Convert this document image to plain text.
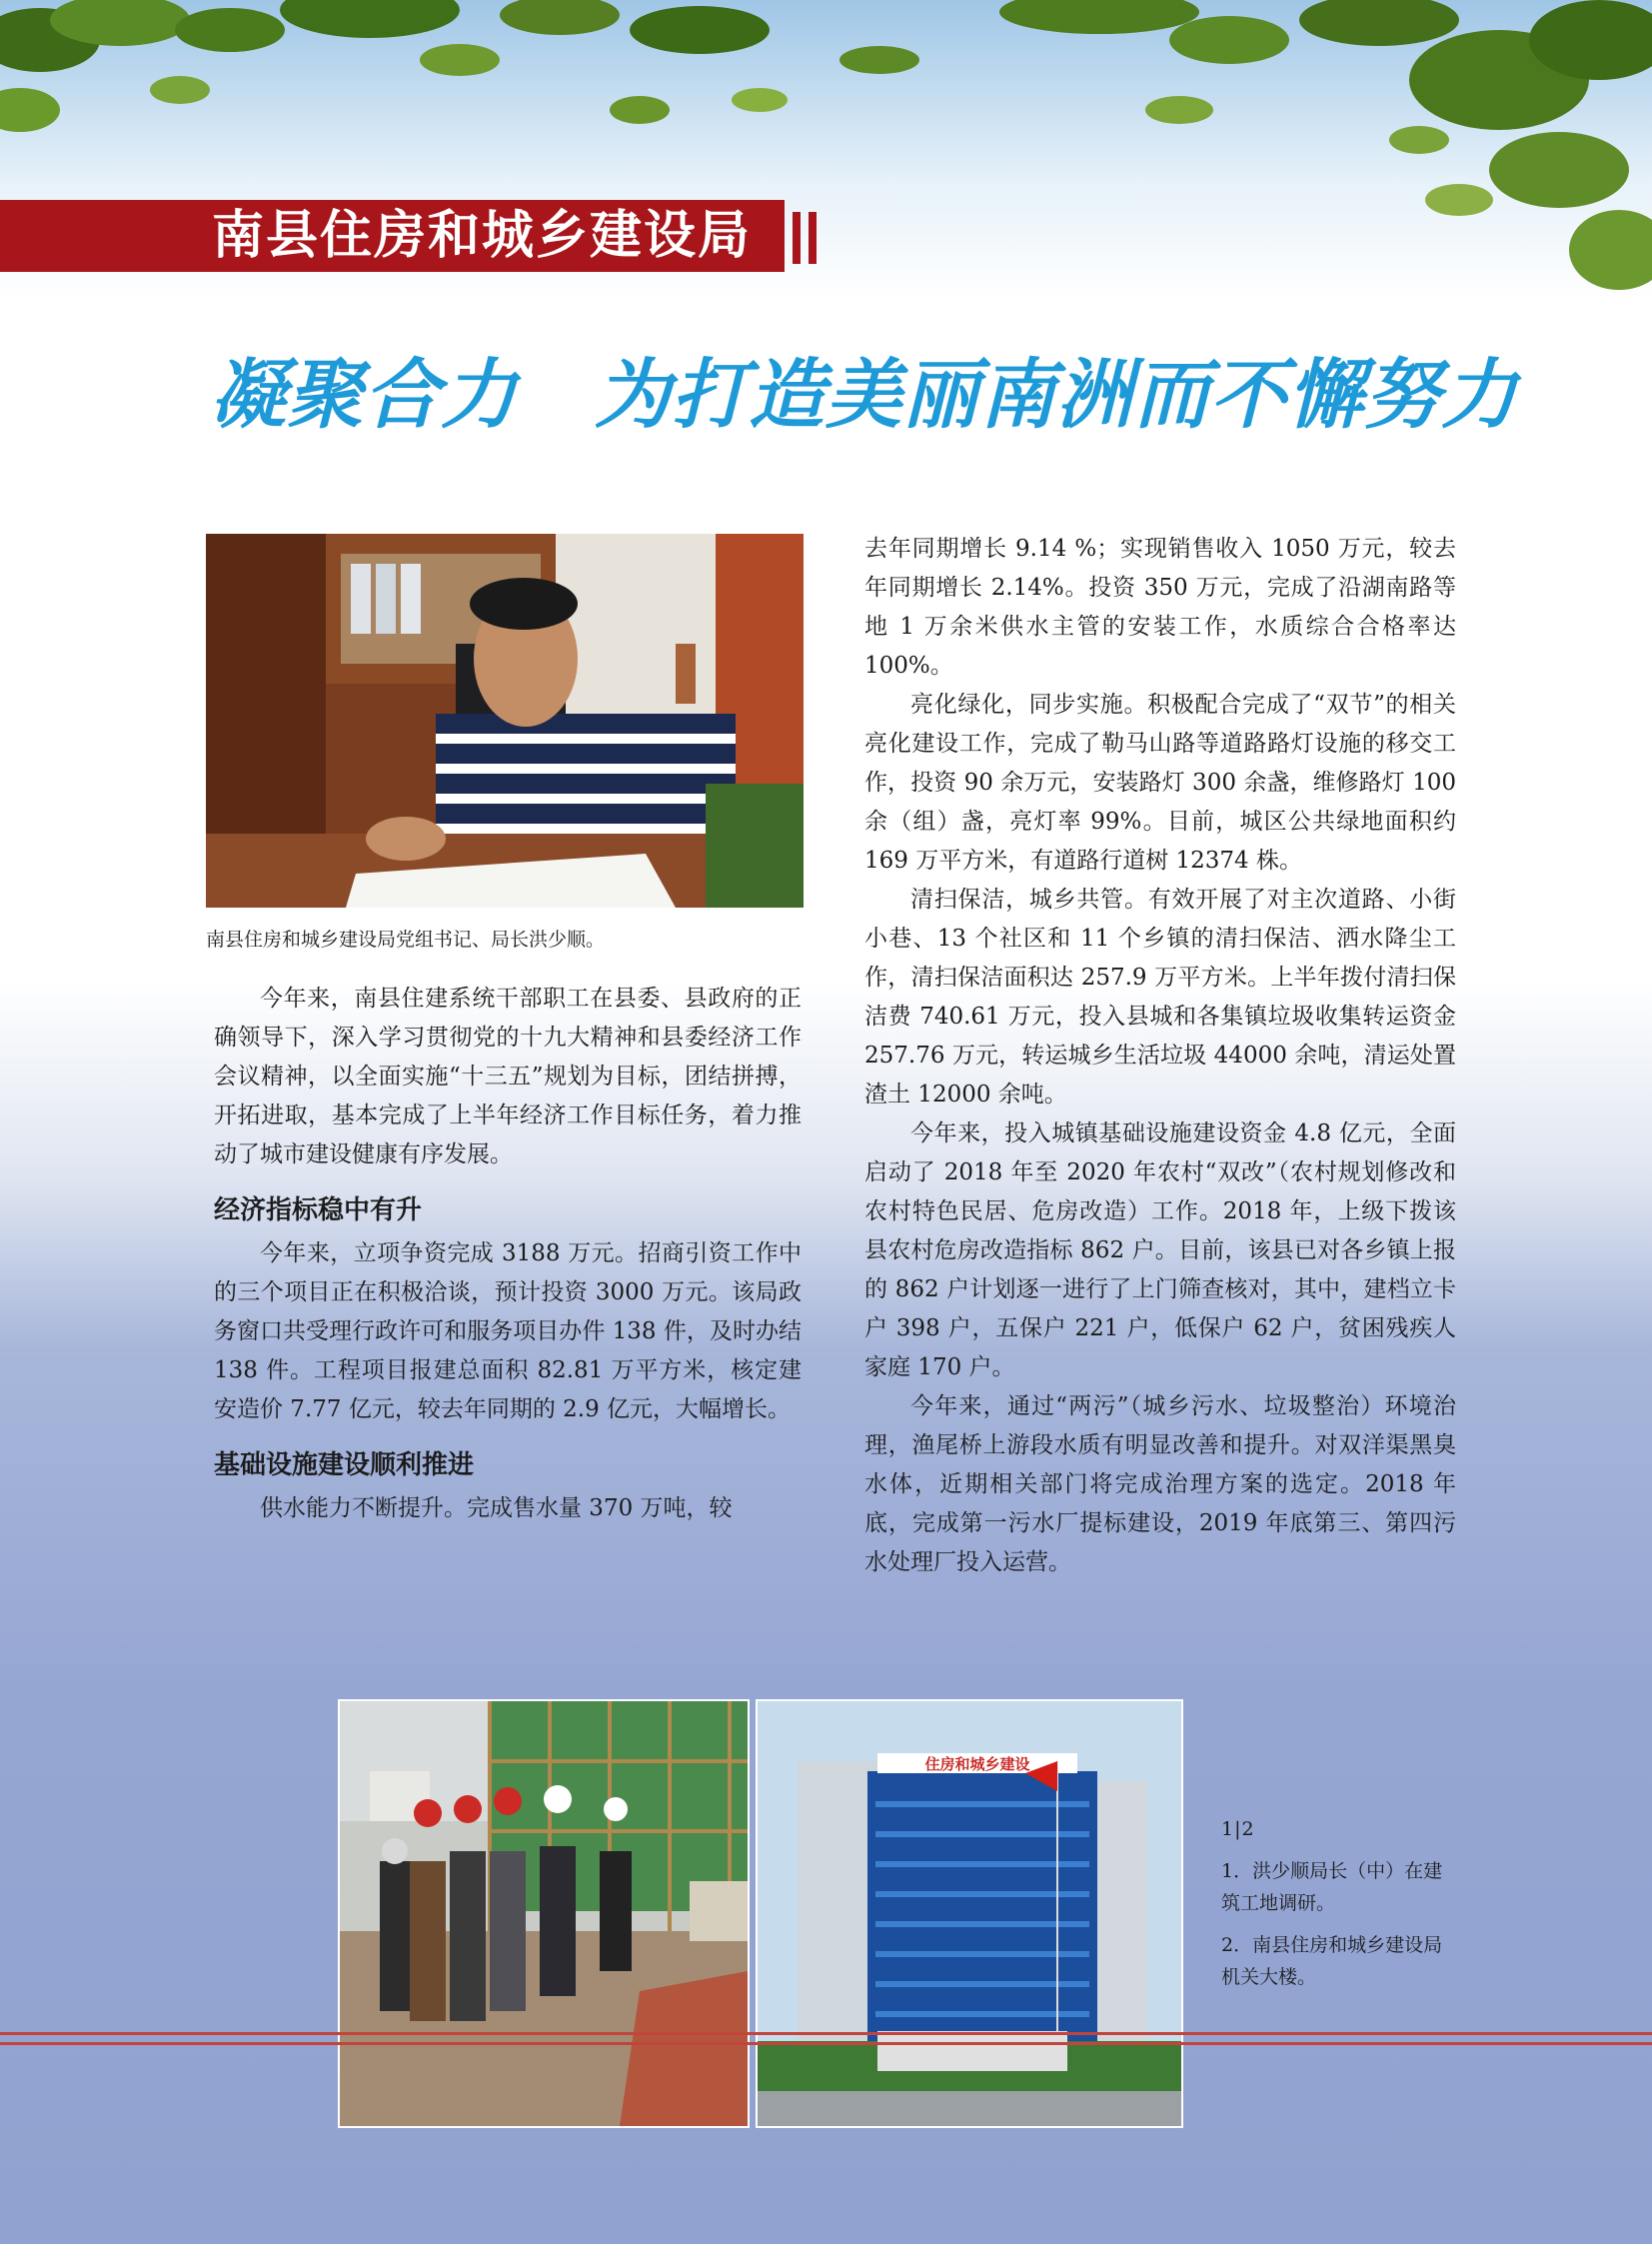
南县住房和城乡建设局
凝聚合力　为打造美丽南洲而不懈努力
南县住房和城乡建设局党组书记、局长洪少顺。

今年来，南县住建系统干部职工在县委、县政府的正确领导下，深入学习贯彻党的十九大精神和县委经济工作会议精神，以全面实施“十三五”规划为目标，团结拼搏，开拓进取，基本完成了上半年经济工作目标任务，着力推动了城市建设健康有序发展。

经济指标稳中有升

今年来，立项争资完成 3188 万元。招商引资工作中的三个项目正在积极洽谈，预计投资 3000 万元。该局政务窗口共受理行政许可和服务项目办件 138 件，及时办结 138 件。工程项目报建总面积 82.81 万平方米，核定建安造价 7.77 亿元，较去年同期的 2.9 亿元，大幅增长。

基础设施建设顺利推进

供水能力不断提升。完成售水量 370 万吨，较

去年同期增长 9.14 %；实现销售收入 1050 万元，较去年同期增长 2.14%。投资 350 万元，完成了沿湖南路等地 1 万余米供水主管的安装工作，水质综合合格率达 100%。

亮化绿化，同步实施。积极配合完成了“双节”的相关亮化建设工作，完成了勒马山路等道路路灯设施的移交工作，投资 90 余万元，安装路灯 300 余盏，维修路灯 100 余（组）盏，亮灯率 99%。目前，城区公共绿地面积约 169 万平方米，有道路行道树 12374 株。

清扫保洁，城乡共管。有效开展了对主次道路、小街小巷、13 个社区和 11 个乡镇的清扫保洁、洒水降尘工作，清扫保洁面积达 257.9 万平方米。上半年拨付清扫保洁费 740.61 万元，投入县城和各集镇垃圾收集转运资金 257.76 万元，转运城乡生活垃圾 44000 余吨，清运处置渣土 12000 余吨。

今年来，投入城镇基础设施建设资金 4.8 亿元，全面启动了 2018 年至 2020 年农村“双改”（农村规划修改和农村特色民居、危房改造）工作。2018 年，上级下拨该县农村危房改造指标 862 户。目前，该县已对各乡镇上报的 862 户计划逐一进行了上门筛查核对，其中，建档立卡户 398 户，五保户 221 户，低保户 62 户，贫困残疾人家庭 170 户。

今年来，通过“两污”（城乡污水、垃圾整治）环境治理，渔尾桥上游段水质有明显改善和提升。对双洋渠黑臭水体，近期相关部门将完成治理方案的选定。2018 年底，完成第一污水厂提标建设，2019 年底第三、第四污水处理厂投入运营。

住房和城乡建设
1|2

1．洪少顺局长（中）在建筑工地调研。

2．南县住房和城乡建设局机关大楼。
